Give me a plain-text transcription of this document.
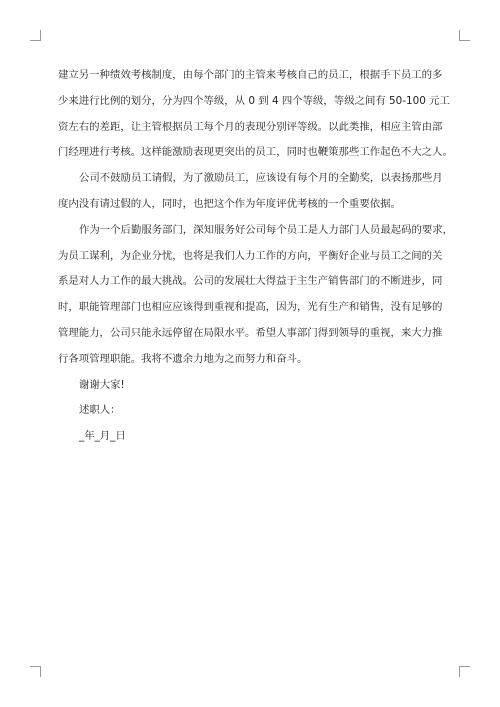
建立另一种绩效考核制度，由每个部门的主管来考核自己的员工，根据手下员工的多
少来进行比例的划分，分为四个等级，从 0 到 4 四个等级，等级之间有 50-100 元工
资左右的差距，让主管根据员工每个月的表现分别评等级。以此类推，相应主管由部
门经理进行考核。这样能激励表现更突出的员工，同时也鞭策那些工作起色不大之人。
公司不鼓励员工请假，为了激励员工，应该设有每个月的全勤奖，以表扬那些月
度内没有请过假的人，同时，也把这个作为年度评优考核的一个重要依据。
作为一个后勤服务部门，深知服务好公司每个员工是人力部门人员最起码的要求，
为员工谋利，为企业分忧，也将是我们人力工作的方向，平衡好企业与员工之间的关
系是对人力工作的最大挑战。公司的发展壮大得益于主生产销售部门的不断进步，同
时，职能管理部门也相应应该得到重视和提高，因为，光有生产和销售，没有足够的
管理能力，公司只能永远停留在局限水平。希望人事部门得到领导的重视，来大力推
行各项管理职能。我将不遗余力地为之而努力和奋斗。
谢谢大家!
述职人：
_年_月_日
